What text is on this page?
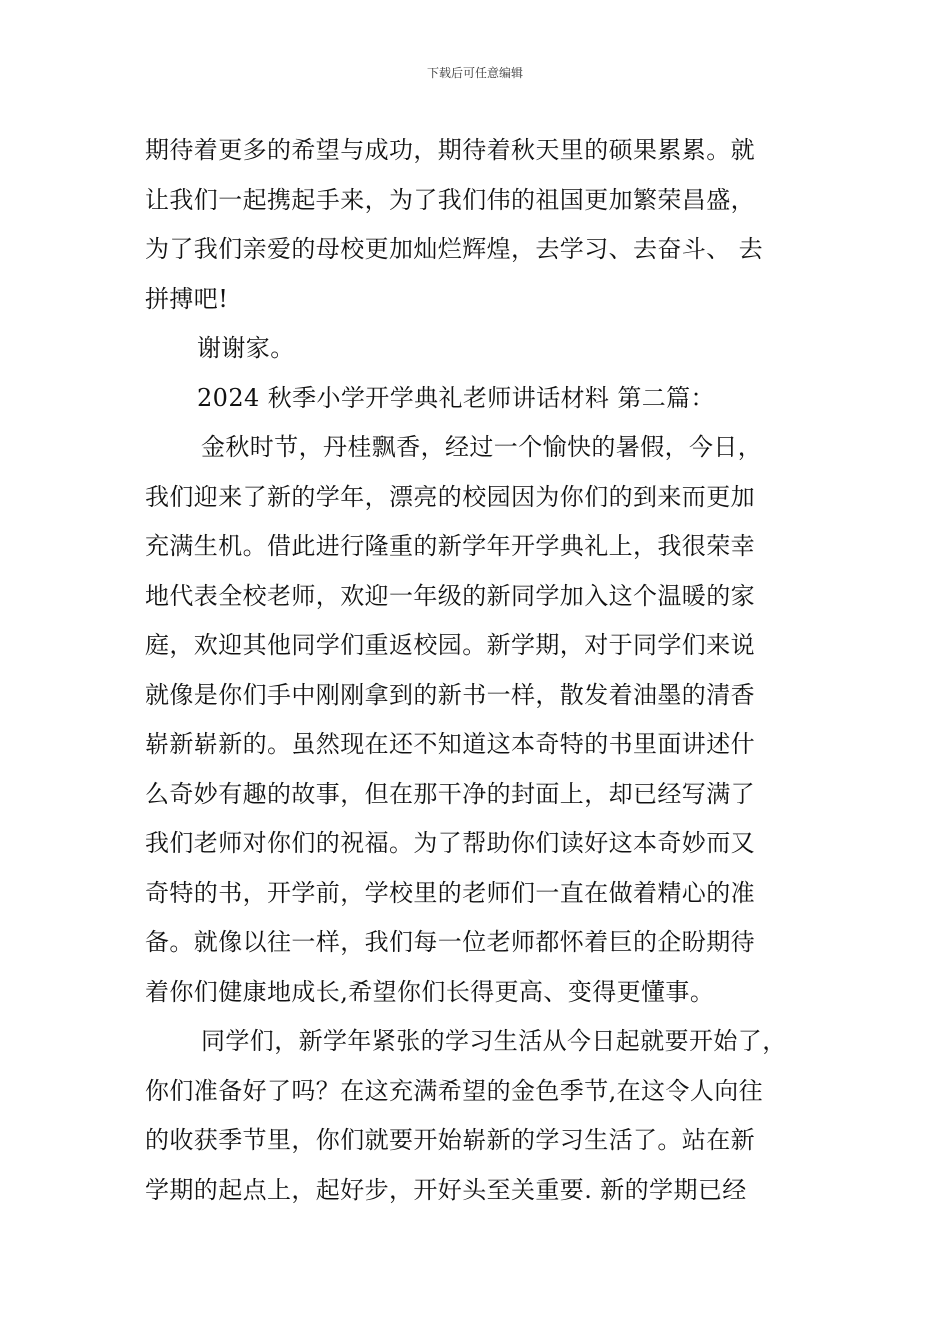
下载后可任意编辑
期待着更多的希望与成功，期待着秋天里的硕果累累。就
让我们一起携起手来，为了我们伟的祖国更加繁荣昌盛，
为了我们亲爱的母校更加灿烂辉煌，去学习、去奋斗、 去
拼搏吧!
谢谢家。
2024 秋季小学开学典礼老师讲话材料 第二篇：
金秋时节，丹桂飘香，经过一个愉快的暑假，今日，
我们迎来了新的学年，漂亮的校园因为你们的到来而更加
充满生机。借此进行隆重的新学年开学典礼上，我很荣幸
地代表全校老师，欢迎一年级的新同学加入这个温暖的家
庭，欢迎其他同学们重返校园。新学期，对于同学们来说
就像是你们手中刚刚拿到的新书一样，散发着油墨的清香
崭新崭新的。虽然现在还不知道这本奇特的书里面讲述什
么奇妙有趣的故事，但在那干净的封面上，却已经写满了
我们老师对你们的祝福。为了帮助你们读好这本奇妙而又
奇特的书，开学前，学校里的老师们一直在做着精心的准
备。就像以往一样，我们每一位老师都怀着巨的企盼期待
着你们健康地成长,希望你们长得更高、变得更懂事。
同学们，新学年紧张的学习生活从今日起就要开始了，
你们准备好了吗？在这充满希望的金色季节,在这令人向往
的收获季节里，你们就要开始崭新的学习生活了。站在新
学期的起点上，起好步，开好头至关重要. 新的学期已经
